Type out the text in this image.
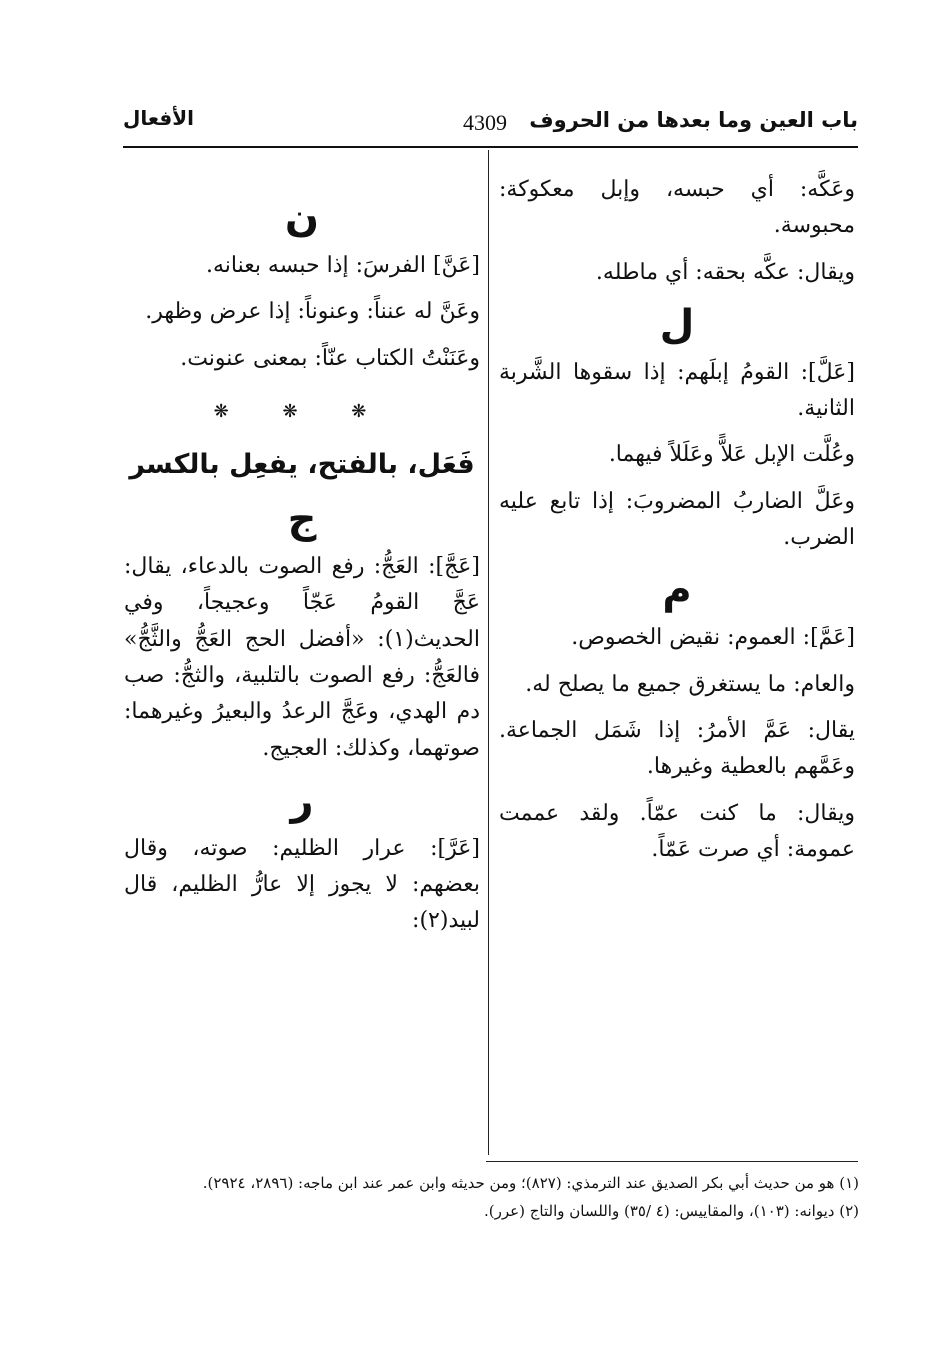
باب العين وما بعدها من الحروف
4309
الأفعال

وعَكَّه: أي حبسه، وإبل معكوكة: محبوسة.

ويقال: عكَّه بحقه: أي ماطله.

ل

[عَلَّ]: القومُ إبلَهم: إذا سقوها الشَّربة الثانية.

وعُلَّت الإبل عَلاًّ وعَلَلاً فيهما.

وعَلَّ الضاربُ المضروبَ: إذا تابع عليه الضرب.

م

[عَمَّ]: العموم: نقيض الخصوص.

والعام: ما يستغرق جميع ما يصلح له.

يقال: عَمَّ الأمرُ: إذا شَمَل الجماعة. وعَمَّهم بالعطية وغيرها.

ويقال: ما كنت عمّاً. ولقد عممت عمومة: أي صرت عَمّاً.

ن

[عَنَّ] الفرسَ: إذا حبسه بعنانه.

وعَنَّ له عنناً: وعنوناً: إذا عرض وظهر.

وعَنَنْتُ الكتاب عنّاً: بمعنى عنونت.

❋ ❋ ❋
فَعَل، بالفتح، يفعِل بالكسر
ج

[عَجَّ]: العَجُّ: رفع الصوت بالدعاء، يقال: عَجَّ القومُ عَجّاً وعجيجاً، وفي الحديث(١): «أفضل الحج العَجُّ والثَّجُّ» فالعَجُّ: رفع الصوت بالتلبية، والثجُّ: صب دم الهدي، وعَجَّ الرعدُ والبعيرُ وغيرهما: صوتهما، وكذلك: العجيج.

ر

[عَرَّ]: عرار الظليم: صوته، وقال بعضهم: لا يجوز إلا عارُّ الظليم، قال لبيد(٢):

(١) هو من حديث أبي بكر الصديق عند الترمذي: (٨٢٧)؛ ومن حديثه وابن عمر عند ابن ماجه: (٢٨٩٦، ٢٩٢٤).

(٢) ديوانه: (١٠٣)، والمقاييس: (٤ /٣٥) واللسان والتاج (عرر).
